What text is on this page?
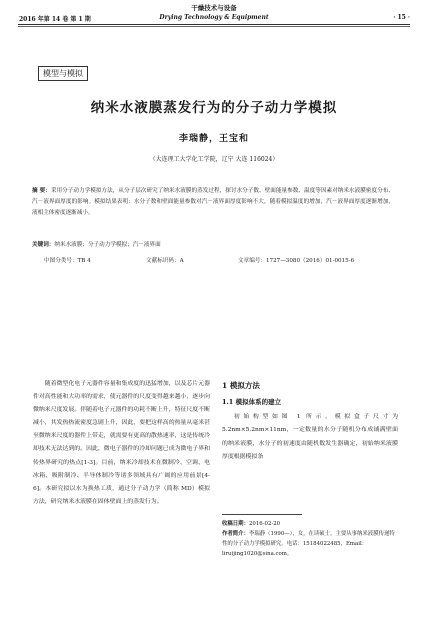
干燥技术与设备
2016 年第 14 卷 第 1 期	Drying Technology & Equipment	· 15 ·
模型与模拟
纳米水液膜蒸发行为的分子动力学模拟
李瑞静，王宝和
（大连理工大学化工学院，辽宁 大连 116024）
摘 要：采用分子动力学模拟方法，从分子层次研究了纳米水液膜的蒸发过程，探讨水分子数、壁面能量参数、温度等因素对纳米水液膜密度分布、汽－液界面厚度的影响。模拟结果表明：水分子数和壁面能量参数对汽－液界面厚度影响不大，随着模拟温度的增加，汽－液界面厚度逐渐增加，液相主体密度逐渐减小。
关键词：纳米水液膜；分子动力学模拟；汽－液界面
中图分类号：TB 4	文献标识码：A	文章编号：1727—3080（2016）01-0015-6

随着微型化电子元器件容量和集成度的迅猛增加，以及芯片元器件对高性能和大功率的需求，使元器件的尺度变得越来越小，逐步向微纳米尺度发展。伴随着电子元器件的功耗不断上升，特征尺度不断减小，其发热热流密度急剧上升，因此，要把这样高的热量从毫米甚至微纳米尺度的器件上带走，就需要有更高的散热速率，这是传统冷却技术无法达到的。因此，微电子器件的冷却问题已成为微电子界和传热界研究的热点[1-3]。目前，纳米冷却技术在微制冷、空调、电冰箱、吸附制冷、半导体制冷等诸多领域具有广阔的应用前景[4-6]。本研究拟以水为换热工质，通过分子动力学（简称 MD）模拟方法，研究纳米水液膜在固体壁面上的蒸发行为。

1 模拟方法
1.1 模拟体系的建立

初始构型如图 1 所示，模拟盒子尺寸为 5.2nm×5.2nm×11nm，一定数量的水分子随机分布成铺满壁面的纳米液膜，水分子的初速度由随机数发生器确定，初始纳米液膜厚度根据模拟条

收稿日期：2016-02-20
作者简介：李瑞静（1990—），女，在读硕士，主要从事纳米液膜传递特性的分子动力学模拟研究。电话：15184022485，Email：liruijing1020@sina.com。
